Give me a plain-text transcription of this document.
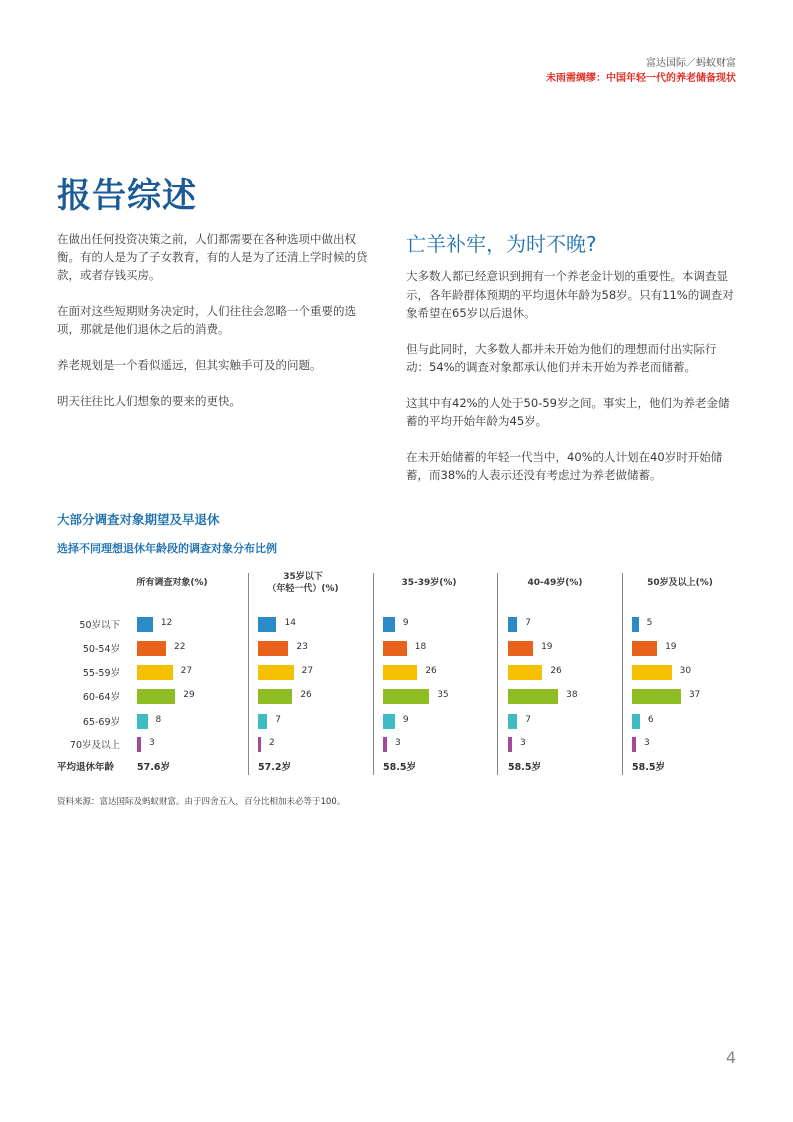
富达国际／蚂蚁财富
未雨需绸缪：中国年轻一代的养老储备现状
报告综述

在做出任何投资决策之前，人们都需要在各种选项中做出权衡。有的人是为了子女教育，有的人是为了还清上学时候的贷款，或者存钱买房。

在面对这些短期财务决定时，人们往往会忽略一个重要的选项，那就是他们退休之后的消费。

养老规划是一个看似遥远，但其实触手可及的问题。

明天往往比人们想象的要来的更快。

亡羊补牢，为时不晚?

大多数人都已经意识到拥有一个养老金计划的重要性。本调查显示，各年龄群体预期的平均退休年龄为58岁。只有11%的调查对象希望在65岁以后退休。

但与此同时，大多数人都并未开始为他们的理想而付出实际行动：54%的调查对象都承认他们并未开始为养老而储蓄。

这其中有42%的人处于50-59岁之间。事实上，他们为养老金储蓄的平均开始年龄为45岁。

在未开始储蓄的年轻一代当中，40%的人计划在40岁时开始储蓄，而38%的人表示还没有考虑过为养老做储蓄。

大部分调查对象期望及早退休
选择不同理想退休年龄段的调查对象分布比例
50岁以下
50-54岁
55-59岁
60-64岁
65-69岁
70岁及以上
平均退休年龄
所有调查对象(%)
12
22
27
29
8
3
57.6岁
35岁以下
（年轻一代）(%)
14
23
27
26
7
2
57.2岁
35-39岁(%)
9
18
26
35
9
3
58.5岁
40-49岁(%)
7
19
26
38
7
3
58.5岁
50岁及以上(%)
5
19
30
37
6
3
58.5岁
资料来源：富达国际及蚂蚁财富。由于四舍五入，百分比相加未必等于100。
4
